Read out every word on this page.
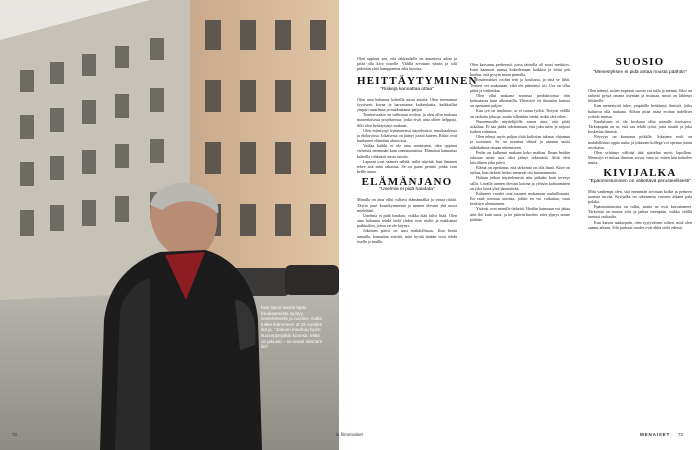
Kan Spuri nuorin lapsi (mukaanuista syntyy, seelehmeelis ja nuorim- malla tuilee ikämmeen of 25 vuoden ikä ja. "Jokoon muuhuu hyvin kuuseppejalkin koonsa. Mikä on jakueki – se onaet elämänl iloi"

Olen oppinut sen, että rakkaudelle on annettava aikaa ja pitää olla kiva toiselle. Välillä arvataan väärin ja silti pidetään yhtä kumppanina eikä luovuta.

HEITTÄYTYMINEN
"Riskejä kannattaa ottaa"

Olen aina halunnut kokeilla uusia asioita. Olen treenannut fyysisesti kovaa ja harrastanut kaikenlaista, keikkaillut ympäri maailmaa ja matkustanut paljon.

Teatterissakin on vaihtunut rooleja, ja olen ollut mukana monenlaisissa projekteissa, jotka eivät aina olleet helppoja. Silti olen heittäytynyt mukaan.

Olen esiintynyt kymmenissä näytelmissä, musikaaleissa ja elokuvissa. Jokaisesta on jäänyt jotain käteen. Riskit ovat kuuluneet elämääni alusta asti.

Vaikka kaikki ei ole aina onnistunut, olen oppinut virheistä enemmän kuin onnistumisista. Elämässä kannattaa kokeilla rohkeasti uusia asioita.

Lapseni ovat saaneet nähdä, miltä näyttää, kun ihminen tekee sitä mitä rakastaa. Se on paras perintö jonka voin heille antaa.

ELÄMÄNJANO
"Unelmia ei pidä haudata"

Minulla on aina ollut valtava elämännälkä ja virtaa riittää. Täytin juuri kuusikymmentä ja tunnen olevani yhä nuori mieleltäni.

Unelmia ei pidä haudata, vaikka ikää tulisi lisää. Olen aina halunnut tehdä vielä yhden ison roolin ja matkustaa paikkoihin, joissa en ole käynyt.

Jokainen päivä on uusi mahdollisuus. Kun herää aamulla, kannattaa miettiä, mitä hyvää tänään voisi tehdä itselle ja muille.

Olen kasvanut perheessä, jossa taiteella oli suuri merkitys. Isäni kannusti minua kokeilemaan kaikkea ja äitini piti huolen, että pysyin maan pinnalla.

Ensimmäiset roolini tein jo koulussa, ja siitä se lähti. Teatteri vei mukanaan, eikä ole päästänyt irti. Ura on ollut pitkä ja vaiherikas.

Olen ollut mukana monissa produktioissa niin kotimaassa kuin ulkomailla. Yhteistyö eri ihmisten kanssa on opettanut paljon.

Kun työ on intohimo, se ei tunnu työltä. Tietysti välillä on raskaita jaksoja, mutta silloinkin tietää, miksi tätä tekee.

Nuoremmille näyttelijöille sanon aina, että pitää uskaltaa. Ei saa jäädä odottamaan, että joku tulee ja tarjoaa kaiken valmiina.

Olen tehnyt myös paljon töitä kulissien takana, ohjannut ja tuottanut. Se on avannut silmiä ja antanut uusia näkökulmia omaan tekemiseen.

Perhe on kulkenut mukana koko matkan. Ilman heidän tukeaan moni asia olisi jäänyt tekemättä. Siitä olen kiitollinen joka päivä.

Elämä on opettanut, että tärkeintä on olla läsnä. Kiire on turhaa, kun tärkeät hetket menevät ohi huomaamatta.

Haluan jatkaa näyttelemistä niin pitkään kuin terveys sallii. Lavalla tunnen olevani kotona ja yleisön kohtaaminen on joka kerta yhtä jännittävää.

Kuluneet vuodet ovat tuoneet mukanaan rauhallisuutta. En enää stressaa asioista, joihin en voi vaikuttaa, vaan keskityn olennaiseen.

Ystävät ovat minulle tärkeitä. Heidän kanssaan voi jakaa niin ilot kuin surut, ja he pitävät huolen, ettei ylpeys nouse päähän.

Olen nähnyt, miten nopeasti suosio voi tulla ja mennä. Siksi on tärkeää pysyä omana itsenään ja muistaa, mistä on lähtenyt liikkeelle.

Kun menestystä tulee, ympärille kerääntyy ihmisiä, jotka haluavat olla mukana. Silloin pitää osata erottaa todelliset ystävät muista.

Kuuluisuus ei ole koskaan ollut minulle itseisarvo. Tärkeämpää on se, että saa tehdä työtä, josta nauttii ja joka koskettaa ihmisiä.

Nöyryys on kantanut pitkälle. Jokainen rooli on mahdollisuus oppia uutta, ja jokainen kollega voi opettaa jotain arvokasta.

Olen yrittänyt välittää tätä ajattelua myös lapsilleni. Menestys ei mittaa ihmisen arvoa, vaan se, miten hän kohtelee muita.

KIVIJALKA
"Epäonnistuminen on vältettävä perusteellisesti"

Mitä vanhempi olen, sitä enemmän arvostan kodin ja perheen tuomaa turvaa. Kivijalka on rakennettu vuosien aikana pala palalta.

Epäonnistumisia on tullut, mutta ne ovat kasvattaneet. Tärkeintä on nousta ylös ja jatkaa eteenpäin, vaikka välillä tuntuisi raskaalta.

Kun katson taaksepäin, olen tyytyväinen siihen, mitä olen saanut aikaan. Silti parhaat vuodet ovat ehkä vielä edessä.

SUOSIO
"Menestyksen ei pidä antaa nousta päähän"
72	is.fi/menaiset	MENAISET 73
